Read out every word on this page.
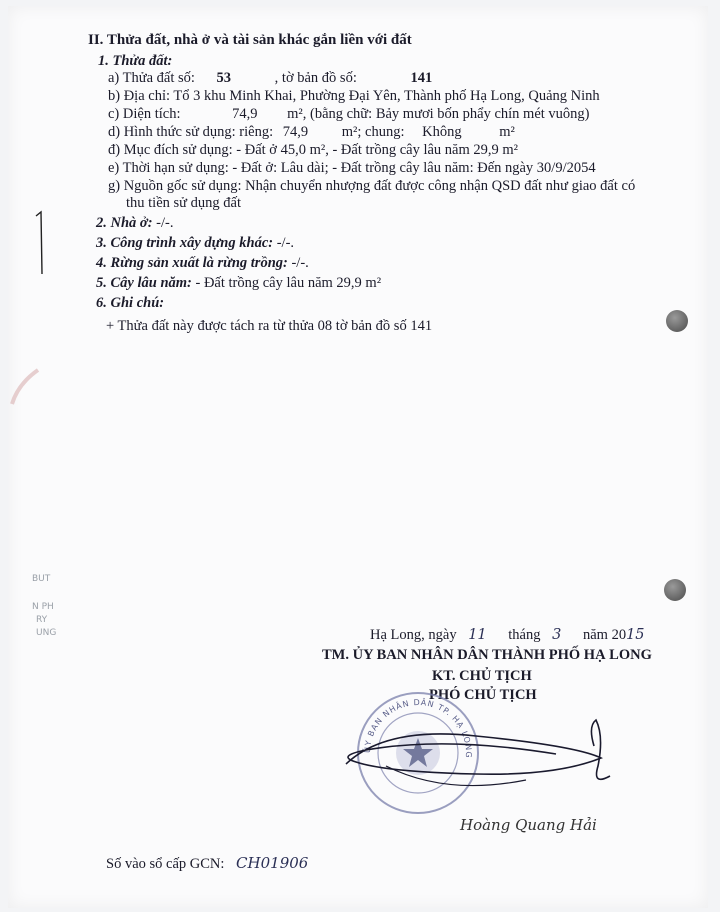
II. Thửa đất, nhà ở và tài sản khác gắn liền với đất
1. Thửa đất:
a) Thửa đất số: 53	, tờ bản đồ số:	141
b) Địa chỉ: Tổ 3 khu Minh Khai, Phường Đại Yên, Thành phố Hạ Long, Quảng Ninh
c) Diện tích:	74,9 m², (bằng chữ: Bảy mươi bốn phẩy chín mét vuông)
d) Hình thức sử dụng: riêng: 74,9 m²; chung: Không	m²
đ) Mục đích sử dụng: - Đất ở 45,0 m², - Đất trồng cây lâu năm 29,9 m²
e) Thời hạn sử dụng: - Đất ở: Lâu dài; - Đất trồng cây lâu năm: Đến ngày 30/9/2054
g) Nguồn gốc sử dụng: Nhận chuyển nhượng đất được công nhận QSD đất như giao đất có
thu tiền sử dụng đất
2. Nhà ở: -/-.
3. Công trình xây dựng khác: -/-.
4. Rừng sản xuất là rừng trồng: -/-.
5. Cây lâu năm: - Đất trồng cây lâu năm 29,9 m²
6. Ghi chú:
+ Thửa đất này được tách ra từ thửa 08 tờ bản đồ số 141
BUT
N PH
RY
UNG	Hạ Long, ngày 11 tháng 3 năm 2015
TM. ỦY BAN NHÂN DÂN THÀNH PHỐ HẠ LONG
KT. CHỦ TỊCH
PHÓ CHỦ TỊCH
ỦY BAN NHÂN DÂN TP. HẠ LONG
Hoàng Quang Hải
Số vào sổ cấp GCN: CH01906
